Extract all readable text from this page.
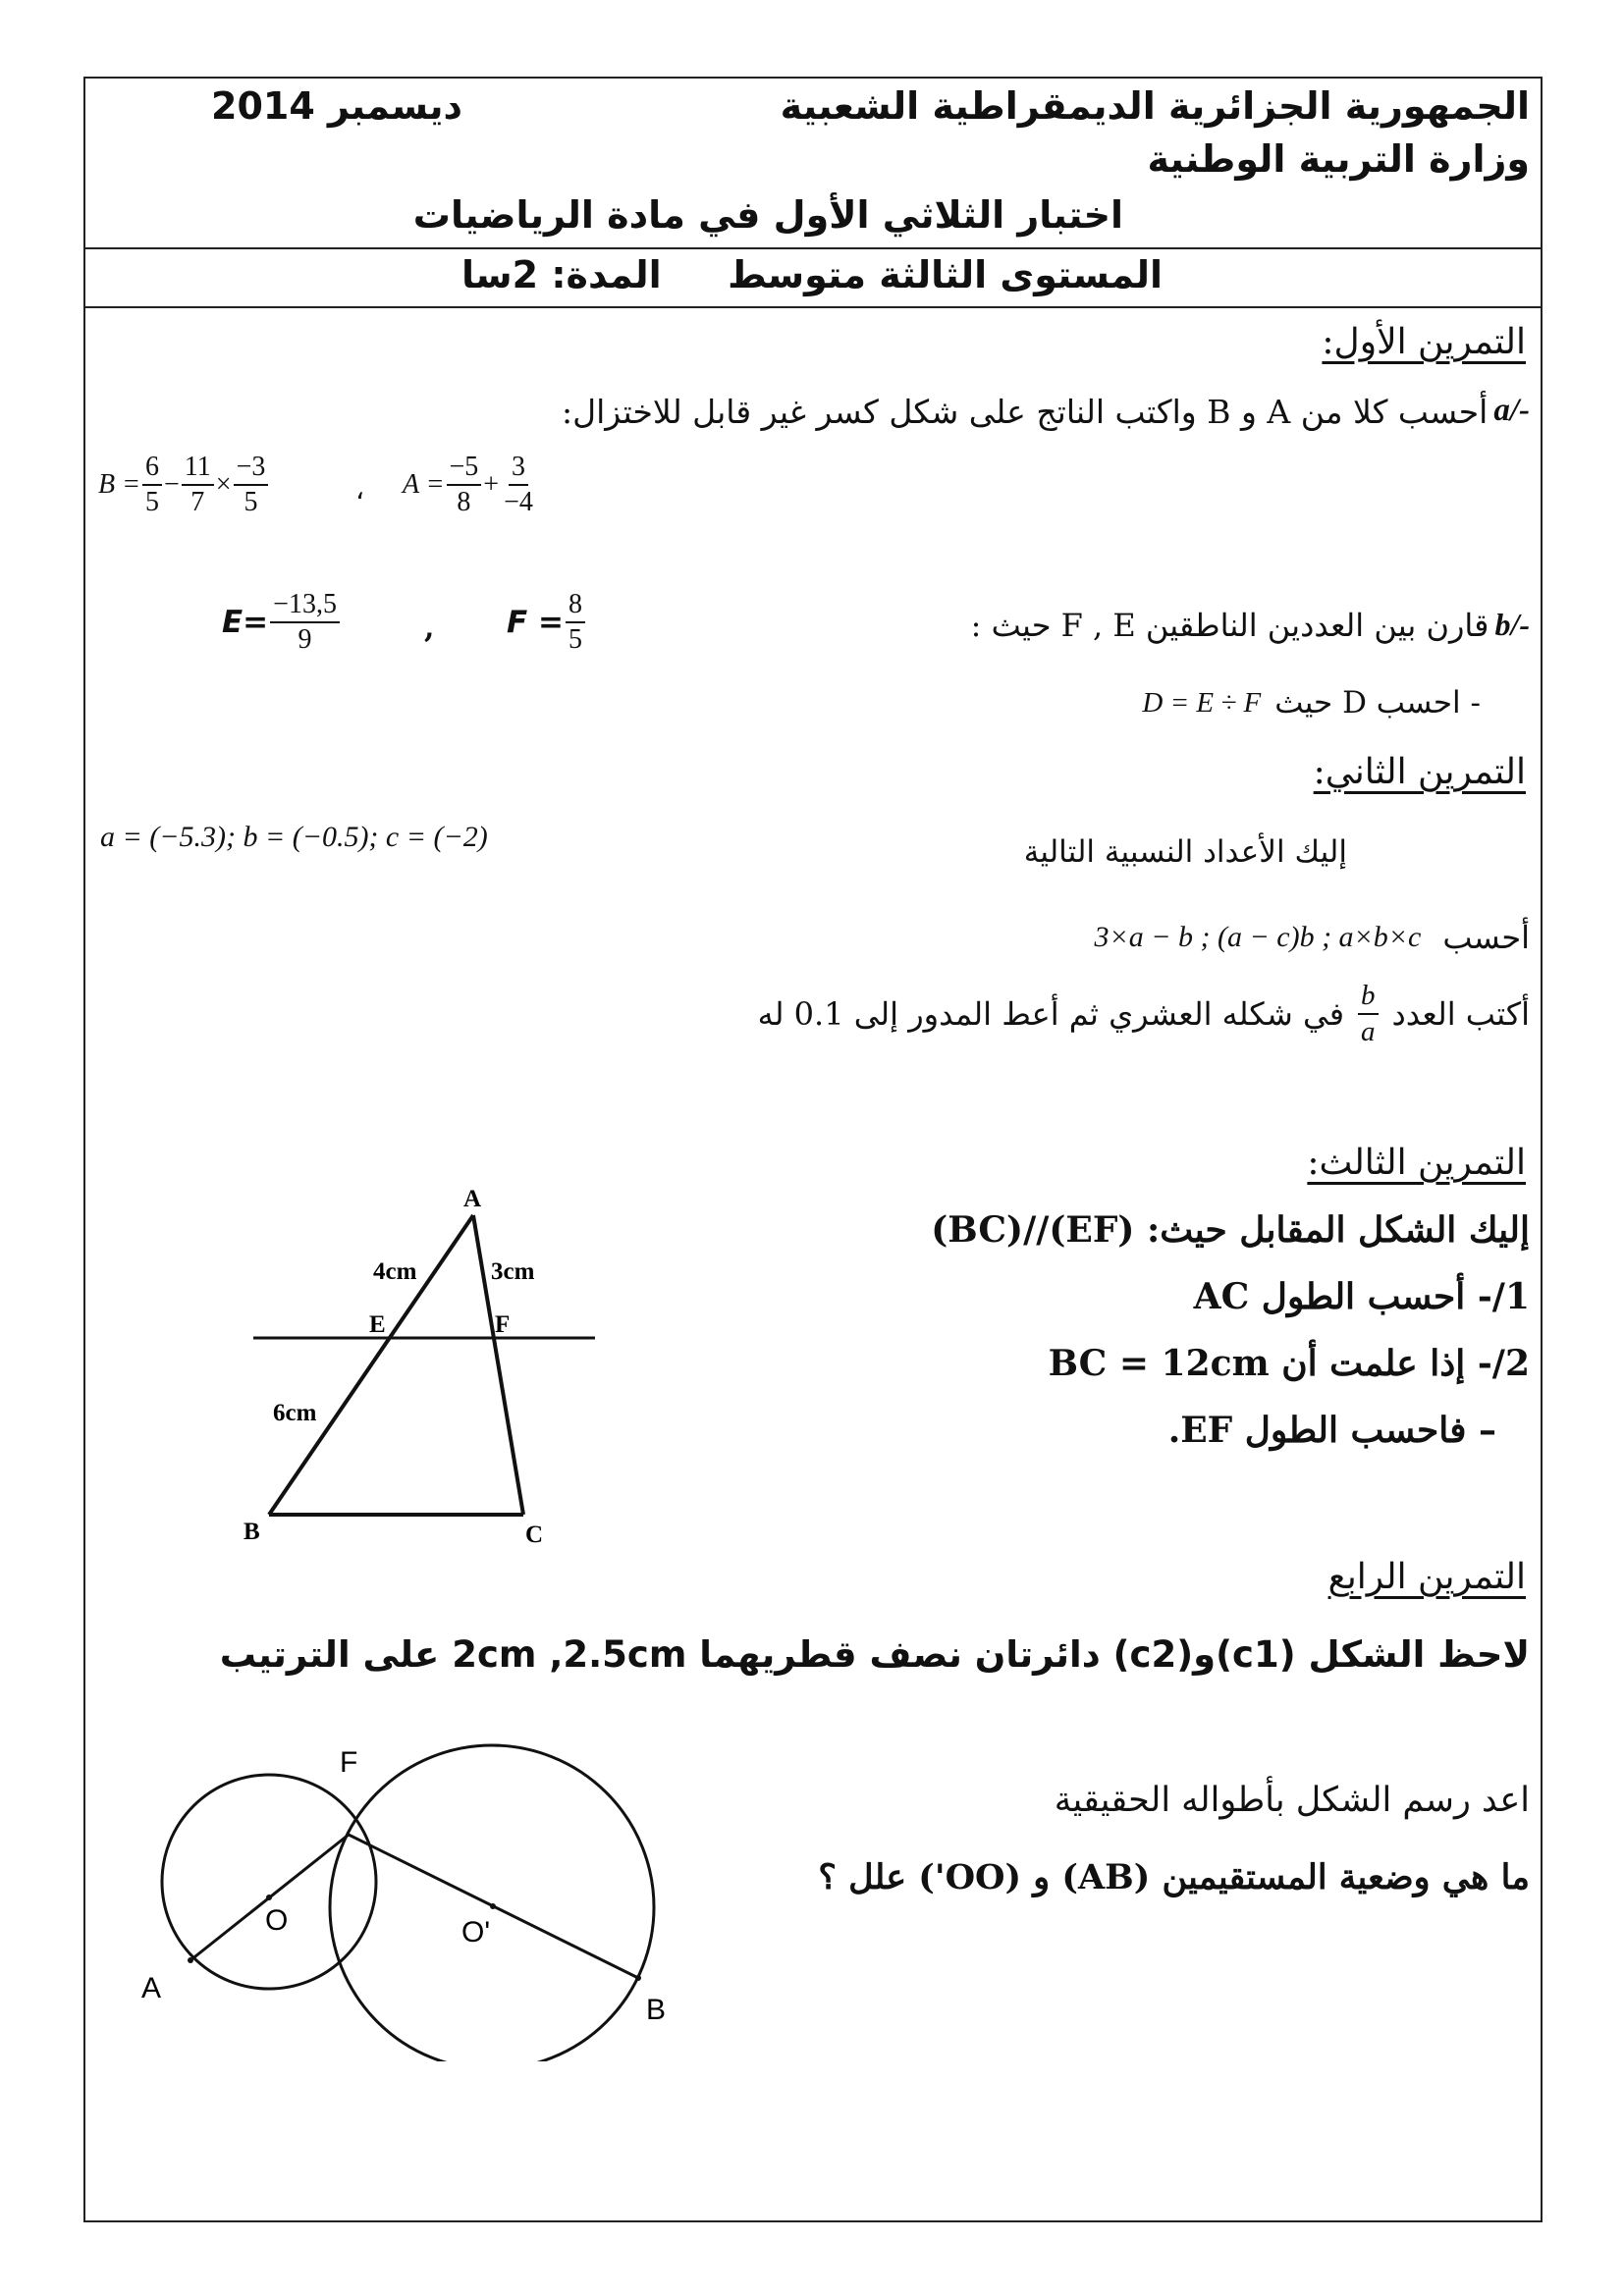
الجمهورية الجزائرية الديمقراطية الشعبية
ديسمبر 2014
وزارة التربية الوطنية
اختبار الثلاثي الأول في مادة الرياضيات
المستوى الثالثة متوسط
المدة: 2سا
التمرين الأول:
a/-
أحسب كلا من A و B واكتب الناتج على شكل كسر غير قابل للاختزال:
$B = \frac{6}{5} - \frac{11}{7} \times \frac{-3}{5}$	، $A = \frac{-5}{8} + \frac{3}{-4}$
$E= \frac{-13,5}{9}$	, $F = \frac{8}{5}$	b/-
قارن بين العددين الناطقين F , E حيث :
- احسب D حيث
D = E ÷ F
التمرين الثاني:
a = (−5.3); b = (−0.5); c = (−2)	إليك الأعداد النسبية التالية
أحسب
3×a − b ; (a − c)b ; a×b×c
أكتب العدد
$\frac{b}{a}$
في شكله العشري ثم أعط المدور إلى 0.1 له
التمرين الثالث:
إليك الشكل المقابل حيث: (EF)//(BC)
1/- أحسب الطول AC
2/- إذا علمت أن BC = 12cm
– فاحسب الطول EF.
A
B	C
E	F
4cm	3cm
6cm
التمرين الرابع
لاحظ الشكل (c1)و(c2) دائرتان نصف قطريهما 2cm ,2.5cm على الترتيب
اعد رسم الشكل بأطواله الحقيقية
ما هي وضعية المستقيمين (AB) و (OO') علل ؟
F
O	O'
A
B
